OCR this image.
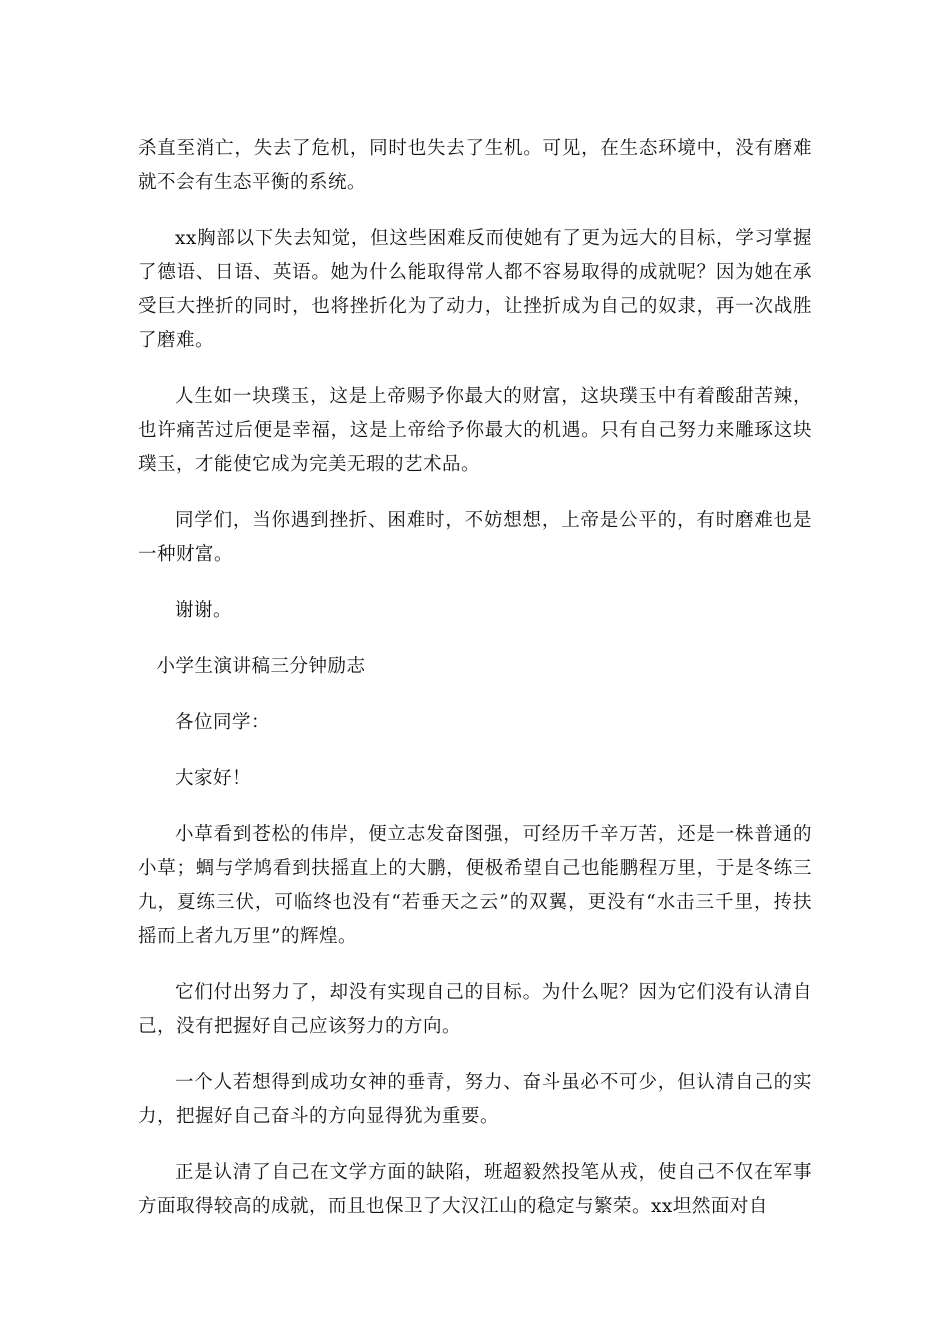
杀直至消亡，失去了危机，同时也失去了生机。可见，在生态环境中，没有磨难就不会有生态平衡的系统。

xx胸部以下失去知觉，但这些困难反而使她有了更为远大的目标，学习掌握了德语、日语、英语。她为什么能取得常人都不容易取得的成就呢？因为她在承受巨大挫折的同时，也将挫折化为了动力，让挫折成为自己的奴隶，再一次战胜了磨难。

人生如一块璞玉，这是上帝赐予你最大的财富，这块璞玉中有着酸甜苦辣，也许痛苦过后便是幸福，这是上帝给予你最大的机遇。只有自己努力来雕琢这块璞玉，才能使它成为完美无瑕的艺术品。

同学们，当你遇到挫折、困难时，不妨想想，上帝是公平的，有时磨难也是一种财富。

谢谢。

小学生演讲稿三分钟励志

各位同学：

大家好！

小草看到苍松的伟岸，便立志发奋图强，可经历千辛万苦，还是一株普通的小草；蜩与学鸠看到扶摇直上的大鹏，便极希望自己也能鹏程万里，于是冬练三九，夏练三伏，可临终也没有“若垂天之云”的双翼，更没有“水击三千里，抟扶摇而上者九万里”的辉煌。

它们付出努力了，却没有实现自己的目标。为什么呢？因为它们没有认清自己，没有把握好自己应该努力的方向。

一个人若想得到成功女神的垂青，努力、奋斗虽必不可少，但认清自己的实力，把握好自己奋斗的方向显得犹为重要。

正是认清了自己在文学方面的缺陷，班超毅然投笔从戎，使自己不仅在军事方面取得较高的成就，而且也保卫了大汉江山的稳定与繁荣。xx坦然面对自
